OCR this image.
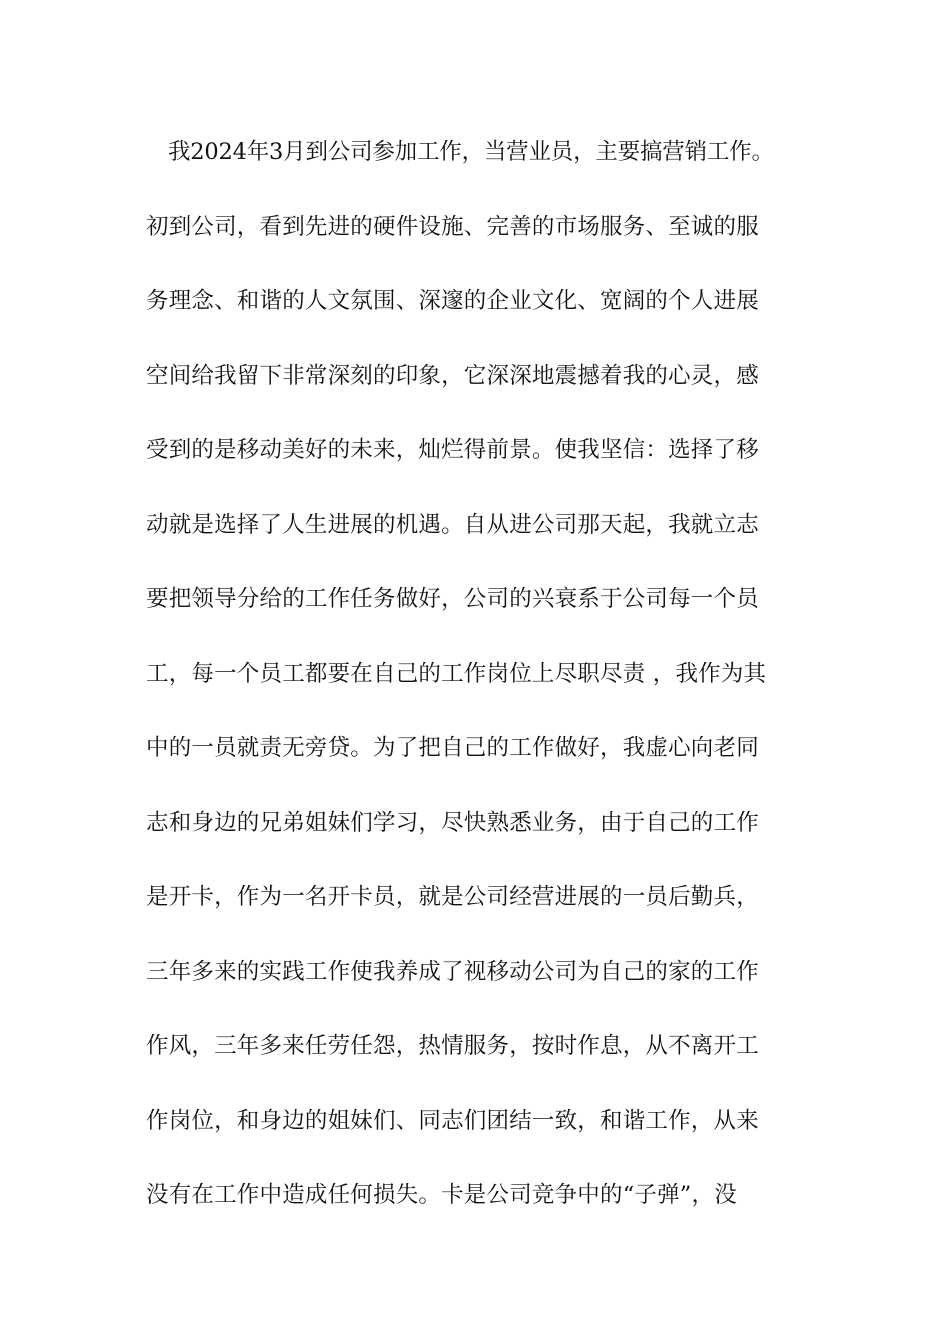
我2024年3月到公司参加工作，当营业员，主要搞营销工作。
初到公司，看到先进的硬件设施、完善的市场服务、至诚的服
务理念、和谐的人文氛围、深邃的企业文化、宽阔的个人进展
空间给我留下非常深刻的印象，它深深地震撼着我的心灵，感
受到的是移动美好的未来，灿烂得前景。使我坚信：选择了移
动就是选择了人生进展的机遇。自从进公司那天起，我就立志
要把领导分给的工作任务做好，公司的兴衰系于公司每一个员
工，每一个员工都要在自己的工作岗位上尽职尽责 ，我作为其
中的一员就责无旁贷。为了把自己的工作做好，我虚心向老同
志和身边的兄弟姐妹们学习，尽快熟悉业务，由于自己的工作
是开卡，作为一名开卡员，就是公司经营进展的一员后勤兵，
三年多来的实践工作使我养成了视移动公司为自己的家的工作
作风，三年多来任劳任怨，热情服务，按时作息，从不离开工
作岗位，和身边的姐妹们、同志们团结一致，和谐工作，从来
没有在工作中造成任何损失。卡是公司竞争中的“子弹”，没
